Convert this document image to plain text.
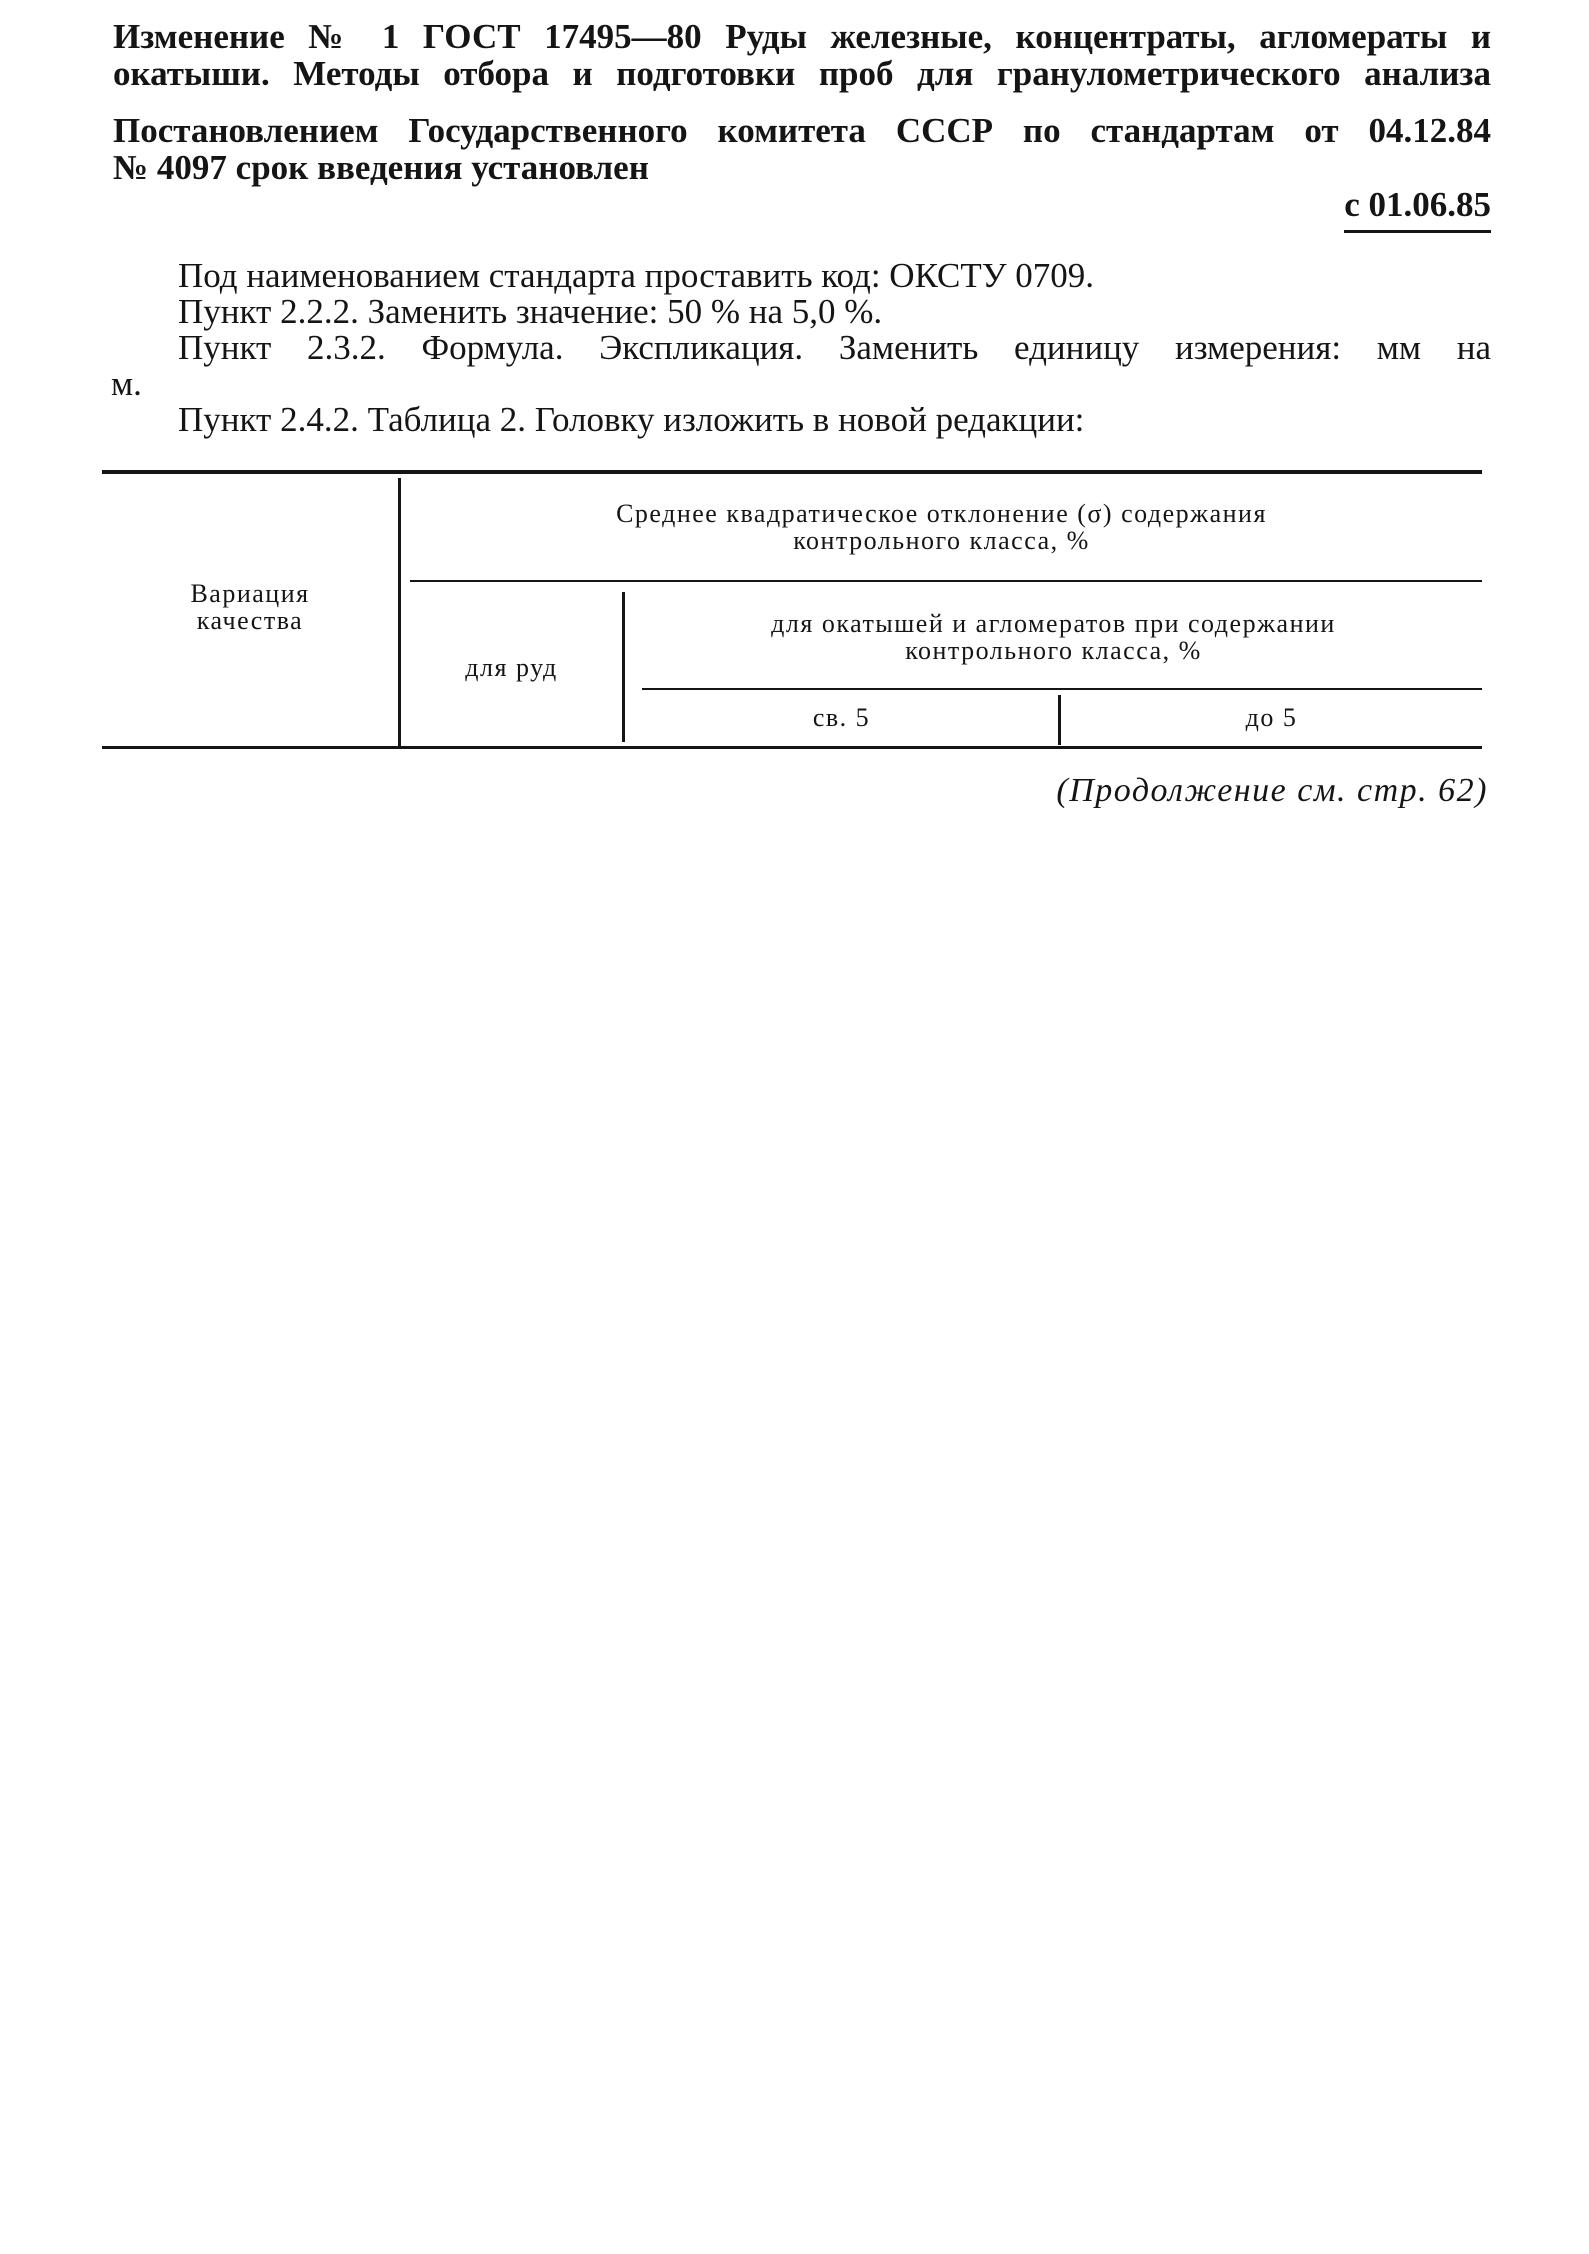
Изменение № 1 ГОСТ 17495—80 Руды железные, концентраты, агломераты и
окатыши. Методы отбора и подготовки проб для гранулометрического анализа
Постановлением Государственного комитета СССР по стандартам от 04.12.84
№ 4097 срок введения установлен
с 01.06.85
Под наименованием стандарта проставить код: ОКСТУ 0709.
Пункт 2.2.2. Заменить значение: 50 % на 5,0 %.
Пункт 2.3.2. Формула. Экспликация. Заменить единицу измерения: мм на
м.
Пункт 2.4.2. Таблица 2. Головку изложить в новой редакции:
Вариация
качества
Среднее квадратическое отклонение (σ) содержания
контрольного класса, %
для руд
для окатышей и агломератов при содержании
контрольного класса, %
св. 5	до 5
(Продолжение см. стр. 62)
